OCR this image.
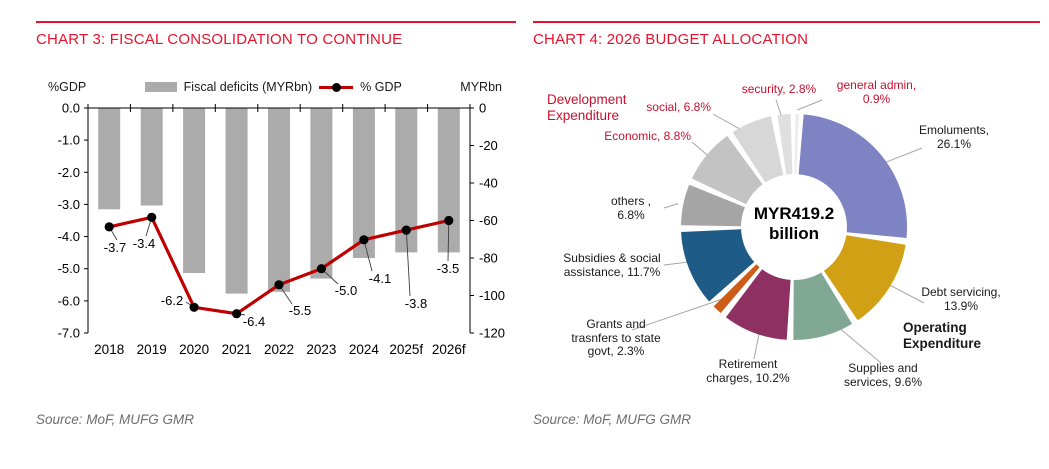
CHART 3: FISCAL CONSOLIDATION TO CONTINUE
%GDP	Fiscal deficits (MYRbn)	% GDP	MYRbn
0.0
-1.0
-2.0
-3.0
-4.0
-5.0
-6.0
-7.0
0
-20
-40
-60
-80
-100
-120
2018 2019 2020 2021 2022 2023 2024 2025f 2026f
-3.7 -3.4
-6.2
-6.4
-5.5
-5.0
-4.1
-3.8
-3.5
Source: MoF, MUFG GMR
CHART 4: 2026 BUDGET ALLOCATION
MYR419.2
billion
Development
Expenditure
Operating
Expenditure
general admin,
0.9%
Emoluments,
26.1%
Debt servicing,
13.9%
Supplies and
services, 9.6%
Retirement
charges, 10.2%
Grants and
trasnfers to state
govt, 2.3%
Subsidies & social
assistance, 11.7%
others ,
6.8%
Economic, 8.8%
social, 6.8%
security, 2.8%
Source: MoF, MUFG GMR
